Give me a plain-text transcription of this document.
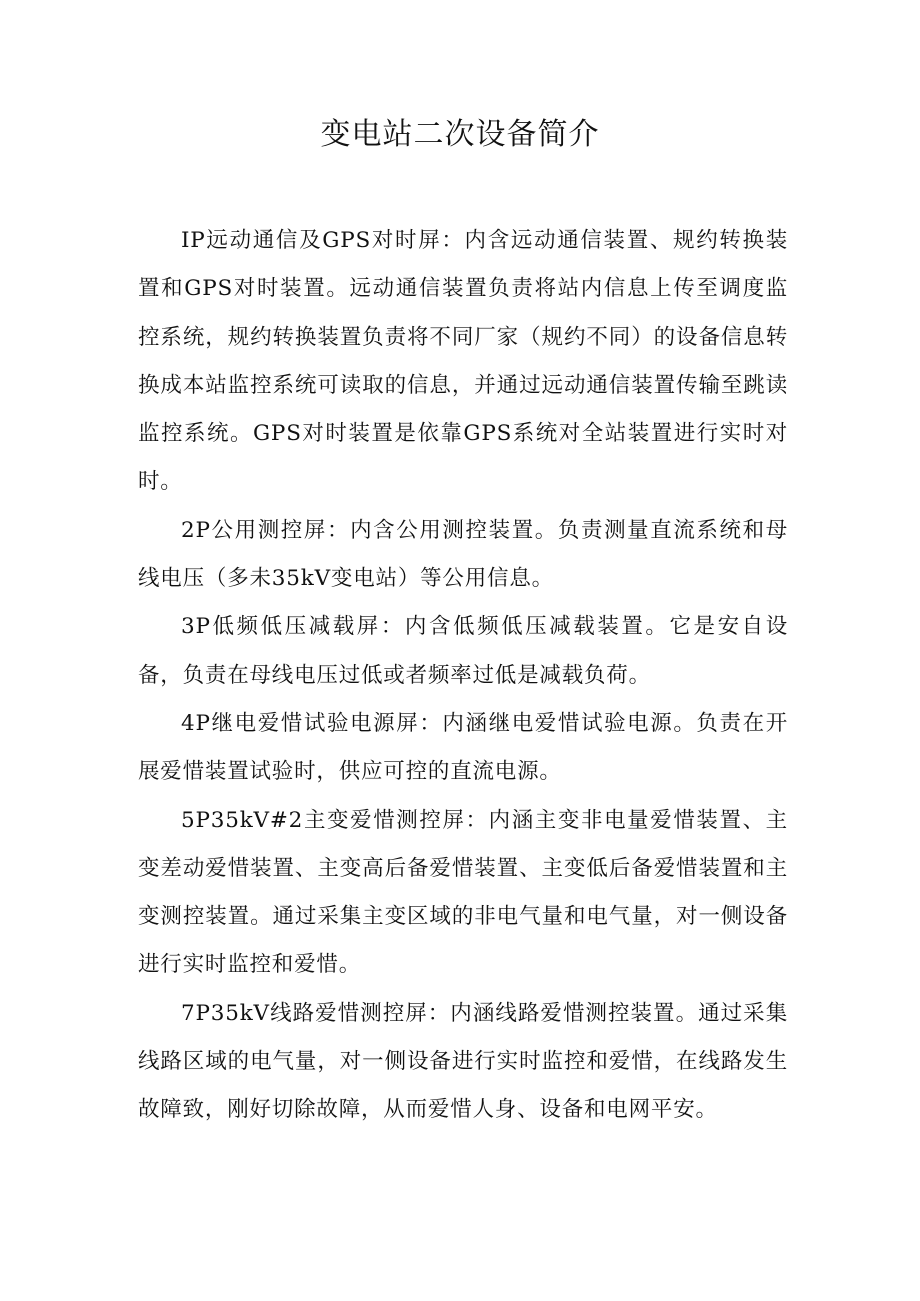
变电站二次设备简介

IP远动通信及GPS对时屏：内含远动通信装置、规约转换装置和GPS对时装置。远动通信装置负责将站内信息上传至调度监控系统，规约转换装置负责将不同厂家（规约不同）的设备信息转换成本站监控系统可读取的信息，并通过远动通信装置传输至跳读监控系统。GPS对时装置是依靠GPS系统对全站装置进行实时对时。

2P公用测控屏：内含公用测控装置。负责测量直流系统和母线电压（多未35kV变电站）等公用信息。

3P低频低压减载屏：内含低频低压减载装置。它是安自设备，负责在母线电压过低或者频率过低是减载负荷。

4P继电爱惜试验电源屏：内涵继电爱惜试验电源。负责在开展爱惜装置试验时，供应可控的直流电源。

5P35kV#2主变爱惜测控屏：内涵主变非电量爱惜装置、主变差动爱惜装置、主变高后备爱惜装置、主变低后备爱惜装置和主变测控装置。通过采集主变区域的非电气量和电气量，对一侧设备进行实时监控和爱惜。

7P35kV线路爱惜测控屏：内涵线路爱惜测控装置。通过采集线路区域的电气量，对一侧设备进行实时监控和爱惜，在线路发生故障致，刚好切除故障，从而爱惜人身、设备和电网平安。
